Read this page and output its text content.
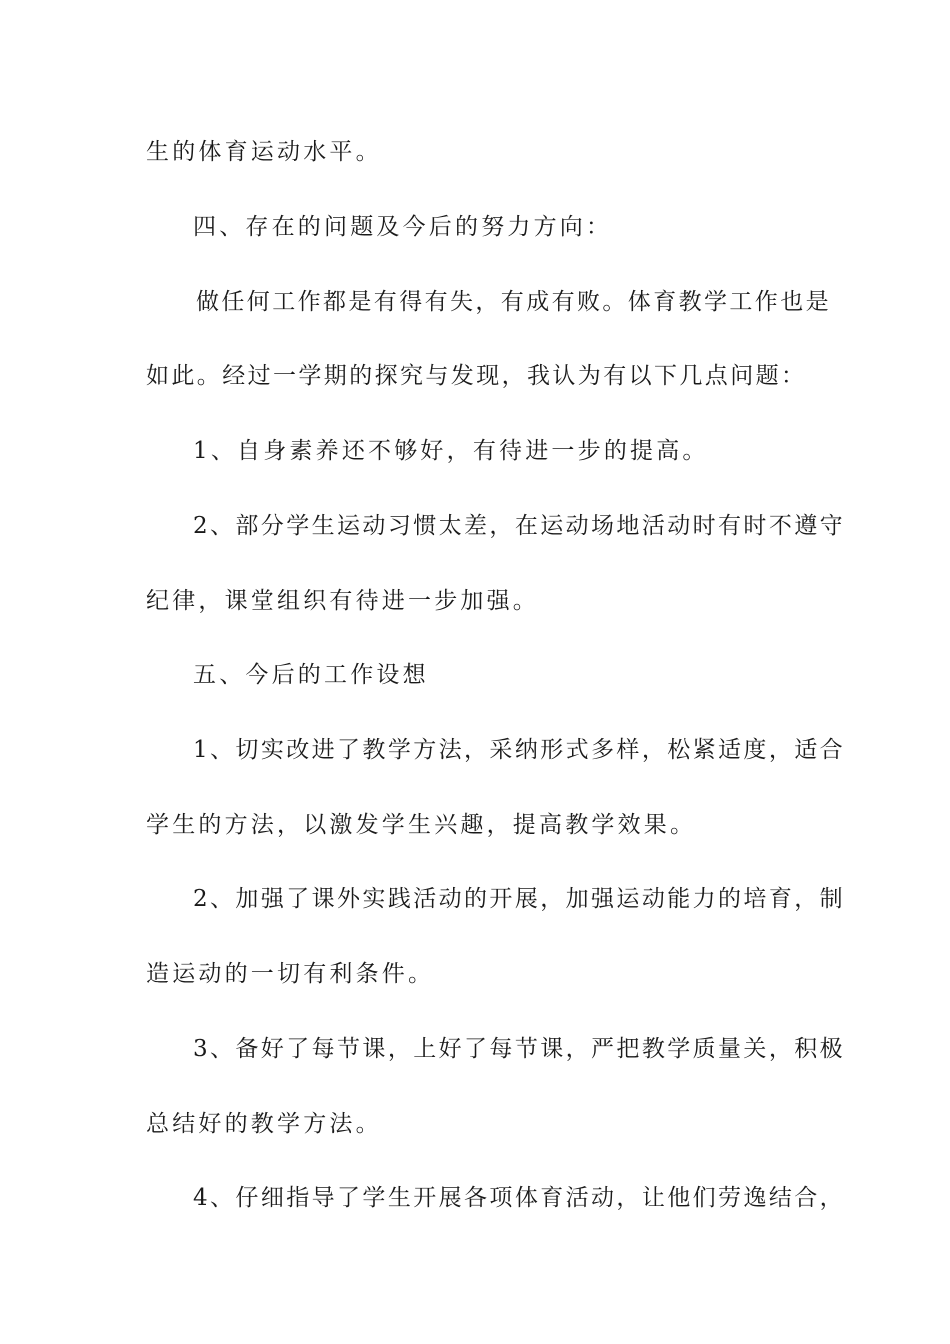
生的体育运动水平。
四、存在的问题及今后的努力方向：
做任何工作都是有得有失，有成有败。体育教学工作也是
如此。经过一学期的探究与发现，我认为有以下几点问题：
1、自身素养还不够好，有待进一步的提高。
2、部分学生运动习惯太差，在运动场地活动时有时不遵守
纪律，课堂组织有待进一步加强。
五、今后的工作设想
1、切实改进了教学方法，采纳形式多样，松紧适度，适合
学生的方法，以激发学生兴趣，提高教学效果。
2、加强了课外实践活动的开展，加强运动能力的培育，制
造运动的一切有利条件。
3、备好了每节课，上好了每节课，严把教学质量关，积极
总结好的教学方法。
4、仔细指导了学生开展各项体育活动，让他们劳逸结合，
